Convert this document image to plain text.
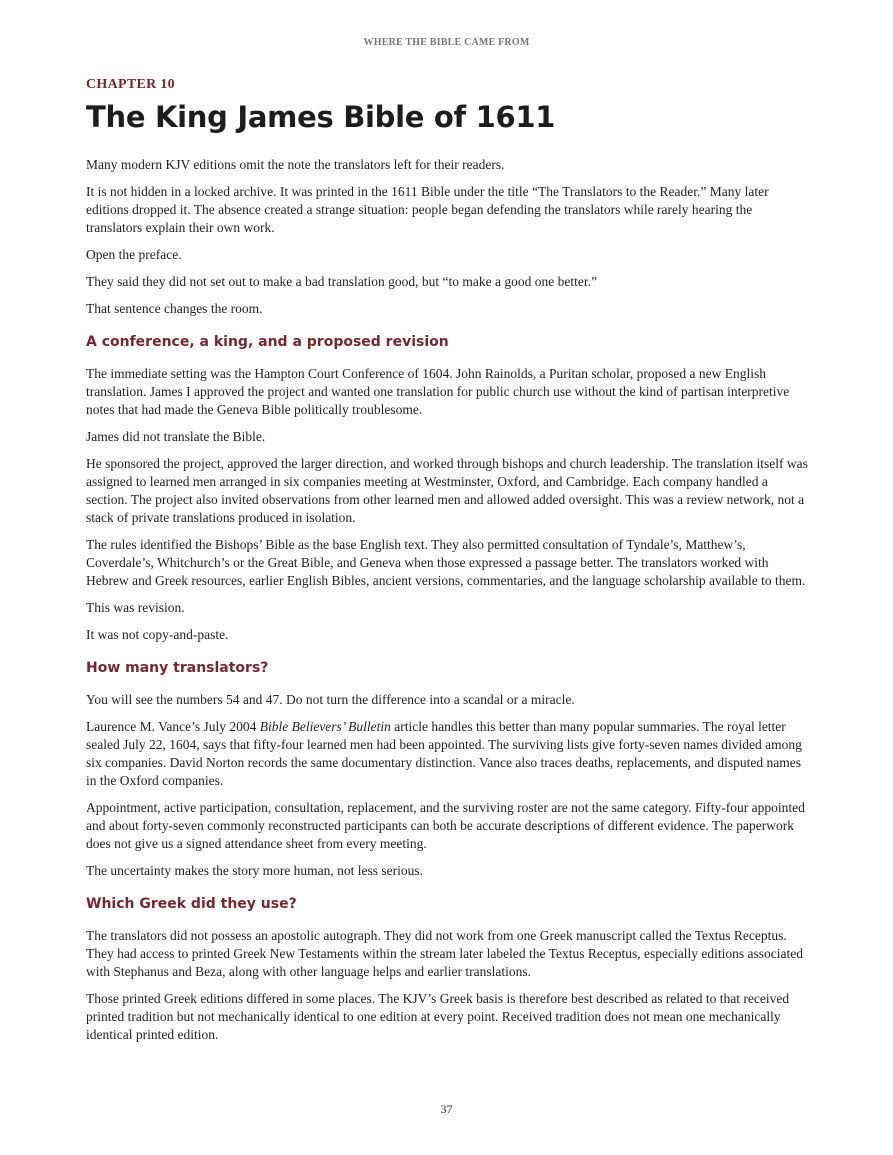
WHERE THE BIBLE CAME FROM
CHAPTER 10
The King James Bible of 1611

Many modern KJV editions omit the note the translators left for their readers.

It is not hidden in a locked archive. It was printed in the 1611 Bible under the title “The Translators to the Reader.” Many later editions dropped it. The absence created a strange situation: people began defending the translators while rarely hearing the translators explain their own work.

Open the preface.

They said they did not set out to make a bad translation good, but “to make a good one better.”

That sentence changes the room.

A conference, a king, and a proposed revision

The immediate setting was the Hampton Court Conference of 1604. John Rainolds, a Puritan scholar, proposed a new English translation. James I approved the project and wanted one translation for public church use without the kind of partisan interpretive notes that had made the Geneva Bible politically troublesome.

James did not translate the Bible.

He sponsored the project, approved the larger direction, and worked through bishops and church leadership. The translation itself was assigned to learned men arranged in six companies meeting at Westminster, Oxford, and Cambridge. Each company handled a section. The project also invited observations from other learned men and allowed added oversight. This was a review network, not a stack of private translations produced in isolation.

The rules identified the Bishops’ Bible as the base English text. They also permitted consultation of Tyndale’s, Matthew’s, Coverdale’s, Whitchurch’s or the Great Bible, and Geneva when those expressed a passage better. The translators worked with Hebrew and Greek resources, earlier English Bibles, ancient versions, commentaries, and the language scholarship available to them.

This was revision.

It was not copy-and-paste.

How many translators?

You will see the numbers 54 and 47. Do not turn the difference into a scandal or a miracle.

Laurence M. Vance’s July 2004 Bible Believers’ Bulletin article handles this better than many popular summaries. The royal letter sealed July 22, 1604, says that fifty-four learned men had been appointed. The surviving lists give forty-seven names divided among six companies. David Norton records the same documentary distinction. Vance also traces deaths, replacements, and disputed names in the Oxford companies.

Appointment, active participation, consultation, replacement, and the surviving roster are not the same category. Fifty-four appointed and about forty-seven commonly reconstructed participants can both be accurate descriptions of different evidence. The paperwork does not give us a signed attendance sheet from every meeting.

The uncertainty makes the story more human, not less serious.

Which Greek did they use?

The translators did not possess an apostolic autograph. They did not work from one Greek manuscript called the Textus Receptus. They had access to printed Greek New Testaments within the stream later labeled the Textus Receptus, especially editions associated with Stephanus and Beza, along with other language helps and earlier translations.

Those printed Greek editions differed in some places. The KJV’s Greek basis is therefore best described as related to that received printed tradition but not mechanically identical to one edition at every point. Received tradition does not mean one mechanically identical printed edition.

37
